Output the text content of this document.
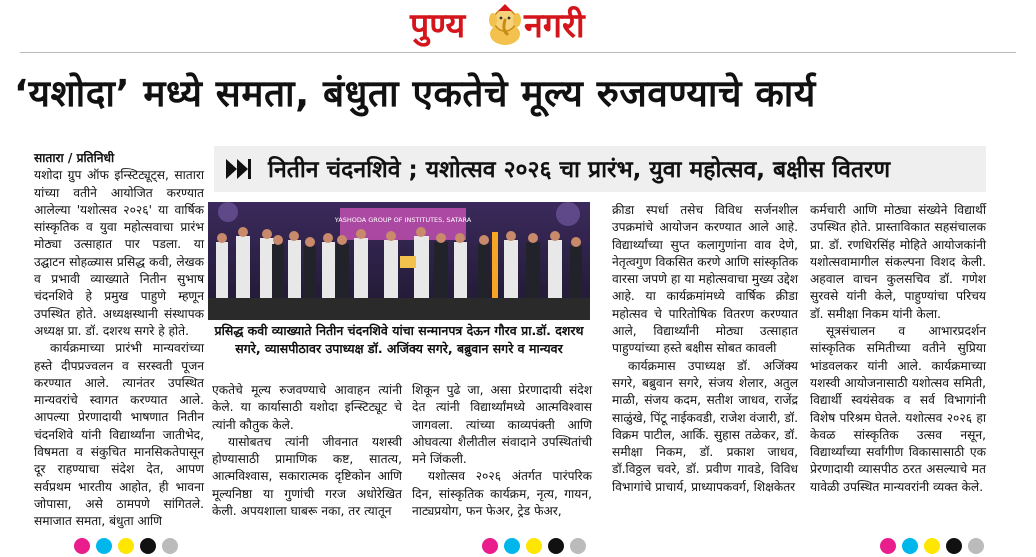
पुण्य नगरी
‘यशोदा’ मध्ये समता, बंधुता एकतेचे मूल्य रुजवण्याचे कार्य
नितीन चंदनशिवे ; यशोत्सव २०२६ चा प्रारंभ, युवा महोत्सव, बक्षीस वितरण
सातारा / प्रतिनिधी

यशोदा ग्रुप ऑफ इन्स्टिट्यूट्स, सातारा यांच्या वतीने आयोजित करण्यात आलेल्या 'यशोत्सव २०२६' या वार्षिक सांस्कृतिक व युवा महोत्सवाचा प्रारंभ मोठ्या उत्साहात पार पडला. या उद्घाटन सोहळ्यास प्रसिद्ध कवी, लेखक व प्रभावी व्याख्याते नितीन सुभाष चंदनशिवे हे प्रमुख पाहुणे म्हणून उपस्थित होते. अध्यक्षस्थानी संस्थापक अध्यक्ष प्रा. डॉ. दशरथ सगरे हे होते.

कार्यक्रमाच्या प्रारंभी मान्यवरांच्या हस्ते दीपप्रज्वलन व सरस्वती पूजन करण्यात आले. त्यानंतर उपस्थित मान्यवरांचे स्वागत करण्यात आले. आपल्या प्रेरणादायी भाषणात नितीन चंदनशिवे यांनी विद्यार्थ्यांना जातीभेद, विषमता व संकुचित मानसिकतेपासून दूर राहण्याचा संदेश देत, आपण सर्वप्रथम भारतीय आहोत, ही भावना जोपासा, असे ठामपणे सांगितले. समाजात समता, बंधुता आणि

YASHODA GROUP OF INSTITUTES, SATARA
प्रसिद्ध कवी व्याख्याते नितीन चंदनशिवे यांचा सन्मानपत्र देऊन गौरव प्रा.डॉ. दशरथ सगरे, व्यासपीठावर उपाध्यक्ष डॉ. अजिंक्य सगरे, बब्रुवान सगरे व मान्यवर

एकतेचे मूल्य रुजवण्याचे आवाहन त्यांनी केले. या कार्यासाठी यशोदा इन्स्टिट्यूट चे त्यांनी कौतुक केले.

यासोबतच त्यांनी जीवनात यशस्वी होण्यासाठी प्रामाणिक कष्ट, सातत्य, आत्मविश्वास, सकारात्मक दृष्टिकोन आणि मूल्यनिष्ठा या गुणांची गरज अधोरेखित केली. अपयशाला घाबरू नका, तर त्यातून

शिकून पुढे जा, असा प्रेरणादायी संदेश देत त्यांनी विद्यार्थ्यांमध्ये आत्मविश्वास जागवला. त्यांच्या काव्यपंक्ती आणि ओघवत्या शैलीतील संवादाने उपस्थितांची मने जिंकली.

यशोत्सव २०२६ अंतर्गत पारंपरिक दिन, सांस्कृतिक कार्यक्रम, नृत्य, गायन, नाट्यप्रयोग, फन फेअर, ट्रेड फेअर,

क्रीडा स्पर्धा तसेच विविध सर्जनशील उपक्रमांचे आयोजन करण्यात आले आहे. विद्यार्थ्यांच्या सुप्त कलागुणांना वाव देणे, नेतृत्वगुण विकसित करणे आणि सांस्कृतिक वारसा जपणे हा या महोत्सवाचा मुख्य उद्देश आहे. या कार्यक्रमांमध्ये वार्षिक क्रीडा महोत्सव चे पारितोषिक वितरण करण्यात आले, विद्यार्थ्यांनी मोठ्या उत्साहात पाहुण्यांच्या हस्ते बक्षीस सोबत कावली

कार्यक्रमास उपाध्यक्ष डॉ. अजिंक्य सगरे, बब्रुवान सगरे, संजय शेलार, अतुल माळी, संजय कदम, सतीश जाधव, राजेंद्र साळुंखे, पिंटू नाईकवडी, राजेश वंजारी, डॉ. विक्रम पाटील, आर्कि. सुहास तळेकर, डॉ. समीक्षा निकम, डॉ. प्रकाश जाधव, डॉ.विठ्ठल चवरे, डॉ. प्रवीण गावडे, विविध विभागांचे प्राचार्य, प्राध्यापकवर्ग, शिक्षकेतर

कर्मचारी आणि मोठ्या संख्येने विद्यार्थी उपस्थित होते. प्रास्ताविकात सहसंचालक प्रा. डॉ. रणधिरसिंह मोहिते आयोजकांनी यशोत्सवामागील संकल्पना विशद केली. अहवाल वाचन कुलसचिव डॉ. गणेश सुरवसे यांनी केले, पाहुण्यांचा परिचय डॉ. समीक्षा निकम यांनी केला.

सूत्रसंचालन व आभारप्रदर्शन सांस्कृतिक समितीच्या वतीने सुप्रिया भांडवलकर यांनी आले. कार्यक्रमाच्या यशस्वी आयोजनासाठी यशोत्सव समिती, विद्यार्थी स्वयंसेवक व सर्व विभागांनी विशेष परिश्रम घेतले. यशोत्सव २०२६ हा केवळ सांस्कृतिक उत्सव नसून, विद्यार्थ्यांच्या सर्वांगीण विकासासाठी एक प्रेरणादायी व्यासपीठ ठरत असल्याचे मत यावेळी उपस्थित मान्यवरांनी व्यक्त केले.
